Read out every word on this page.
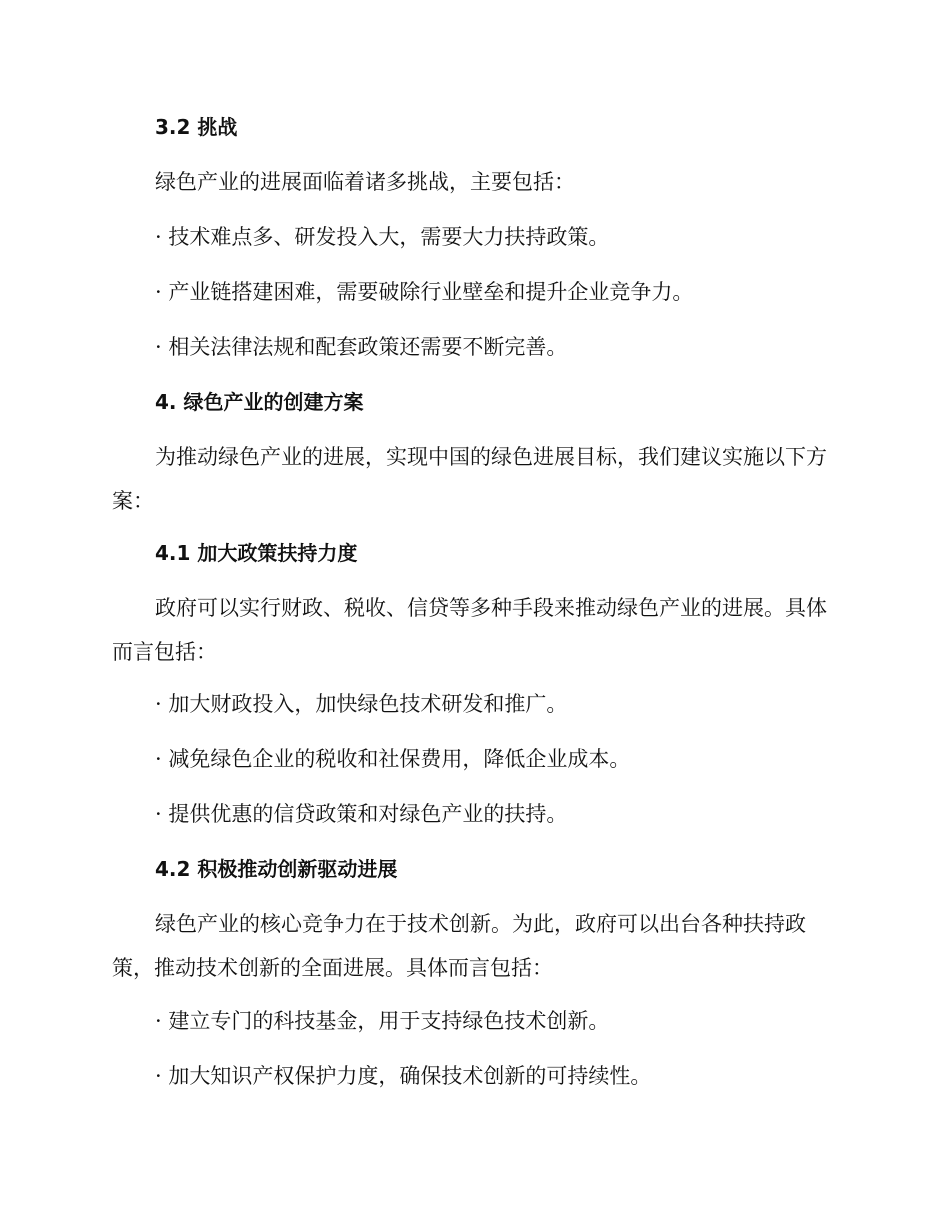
3.2 挑战
绿色产业的进展面临着诸多挑战，主要包括：
· 技术难点多、研发投入大，需要大力扶持政策。
· 产业链搭建困难，需要破除行业壁垒和提升企业竞争力。
· 相关法律法规和配套政策还需要不断完善。
4. 绿色产业的创建方案
为推动绿色产业的进展，实现中国的绿色进展目标，我们建议实施以下方案：
4.1 加大政策扶持力度
政府可以实行财政、税收、信贷等多种手段来推动绿色产业的进展。具体而言包括：
· 加大财政投入，加快绿色技术研发和推广。
· 减免绿色企业的税收和社保费用，降低企业成本。
· 提供优惠的信贷政策和对绿色产业的扶持。
4.2 积极推动创新驱动进展
绿色产业的核心竞争力在于技术创新。为此，政府可以出台各种扶持政策，推动技术创新的全面进展。具体而言包括：
· 建立专门的科技基金，用于支持绿色技术创新。
· 加大知识产权保护力度，确保技术创新的可持续性。
